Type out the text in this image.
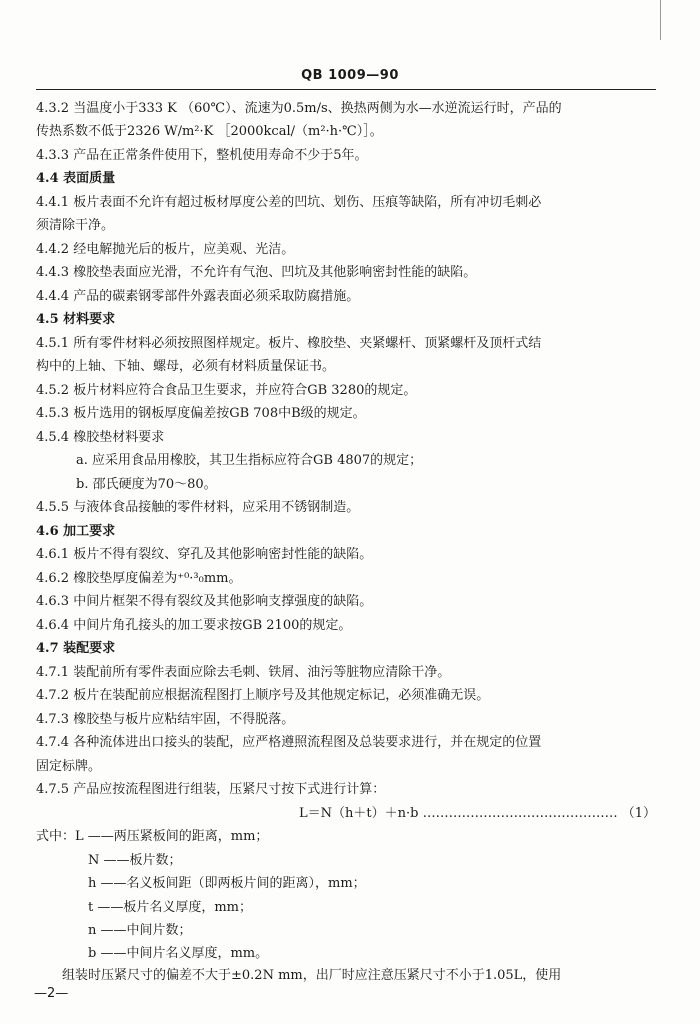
QB 1009—90
4.3.2 当温度小于333 K （60℃）、流速为0.5m/s、换热两侧为水—水逆流运行时，产品的
传热系数不低于2326 W/m²·K ［2000kcal/（m²·h·℃）］。
4.3.3 产品在正常条件使用下，整机使用寿命不少于5年。
4.4 表面质量
4.4.1 板片表面不允许有超过板材厚度公差的凹坑、划伤、压痕等缺陷，所有冲切毛刺必
须清除干净。
4.4.2 经电解抛光后的板片，应美观、光洁。
4.4.3 橡胶垫表面应光滑，不允许有气泡、凹坑及其他影响密封性能的缺陷。
4.4.4 产品的碳素钢零部件外露表面必须采取防腐措施。
4.5 材料要求
4.5.1 所有零件材料必须按照图样规定。板片、橡胶垫、夹紧螺杆、顶紧螺杆及顶杆式结
构中的上轴、下轴、螺母，必须有材料质量保证书。
4.5.2 板片材料应符合食品卫生要求，并应符合GB 3280的规定。
4.5.3 板片选用的钢板厚度偏差按GB 708中B级的规定。
4.5.4 橡胶垫材料要求
a. 应采用食品用橡胶，其卫生指标应符合GB 4807的规定；
b. 邵氏硬度为70～80。
4.5.5 与液体食品接触的零件材料，应采用不锈钢制造。
4.6 加工要求
4.6.1 板片不得有裂纹、穿孔及其他影响密封性能的缺陷。
4.6.2 橡胶垫厚度偏差为⁺⁰·³₀mm。
4.6.3 中间片框架不得有裂纹及其他影响支撑强度的缺陷。
4.6.4 中间片角孔接头的加工要求按GB 2100的规定。
4.7 装配要求
4.7.1 装配前所有零件表面应除去毛刺、铁屑、油污等脏物应清除干净。
4.7.2 板片在装配前应根据流程图打上顺序号及其他规定标记，必须准确无误。
4.7.3 橡胶垫与板片应粘结牢固，不得脱落。
4.7.4 各种流体进出口接头的装配，应严格遵照流程图及总装要求进行，并在规定的位置
固定标牌。
4.7.5 产品应按流程图进行组装，压紧尺寸按下式进行计算：
L＝N（h＋t）＋n·b ……………………………………… （1）
式中：L ——两压紧板间的距离，mm；
N ——板片数；
h ——名义板间距（即两板片间的距离），mm；
t ——板片名义厚度，mm；
n ——中间片数；
b ——中间片名义厚度，mm。
组装时压紧尺寸的偏差不大于±0.2N mm，出厂时应注意压紧尺寸不小于1.05L，使用
—2—
